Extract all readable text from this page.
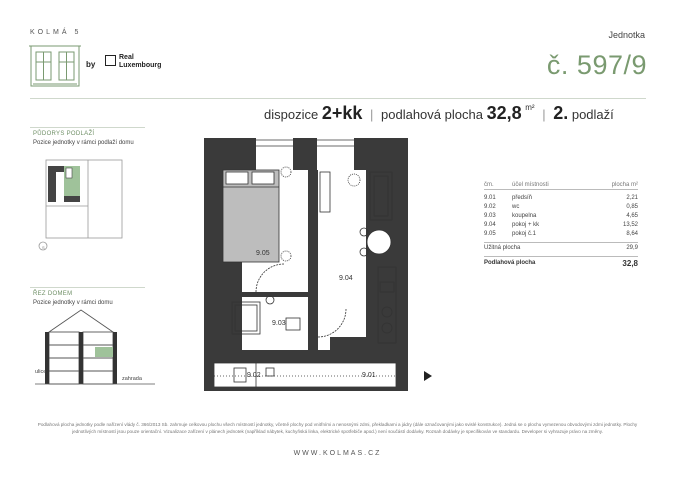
KOLMÁ 5
by
Real
Luxembourg
Jednotka
č. 597/9
dispozice 2+kk | podlahová plocha 32,8 $^{m^2}$ | 2. podlaží
PŮDORYS PODLAŽÍ
Pozice jednotky v rámci podlaží domu
S
ŘEZ DOMEM
Pozice jednotky v rámci domu
ulice
zahrada
9.05
9.04
9.03
9.02	9.01
čm.	účel místnosti	plocha m²

9.01	předsíň	2,21
9.02	wc	0,85
9.03	koupelna	4,65
9.04	pokoj + kk	13,52
9.05	pokoj č.1	8,64

Užitná plocha		29,9

Podlahová plocha		32,8
Podlahová plocha jednotky podle nařízení vlády č. 366/2013 Sb. zahrnuje celkovou plochu všech místností jednotky, včetně plochy pod vnitřními a nenosnými zdmi, překladkami a jádry (dále označovanými jako svislé konstrukce). Jedná se o plochu vymezenou obvodovými zdmi jednotky. Plochy jednotlivých místností jsou pouze orientační. Vizualizace zařízení v plánech jednotek (například nábytek, kuchyňská linka, elektrické spotřebiče apod.) není součástí dodávky. Rozsah dodávky je specifikován ve standardu. Developer si vyhrazuje právo na změny.
WWW.KOLMAS.CZ
